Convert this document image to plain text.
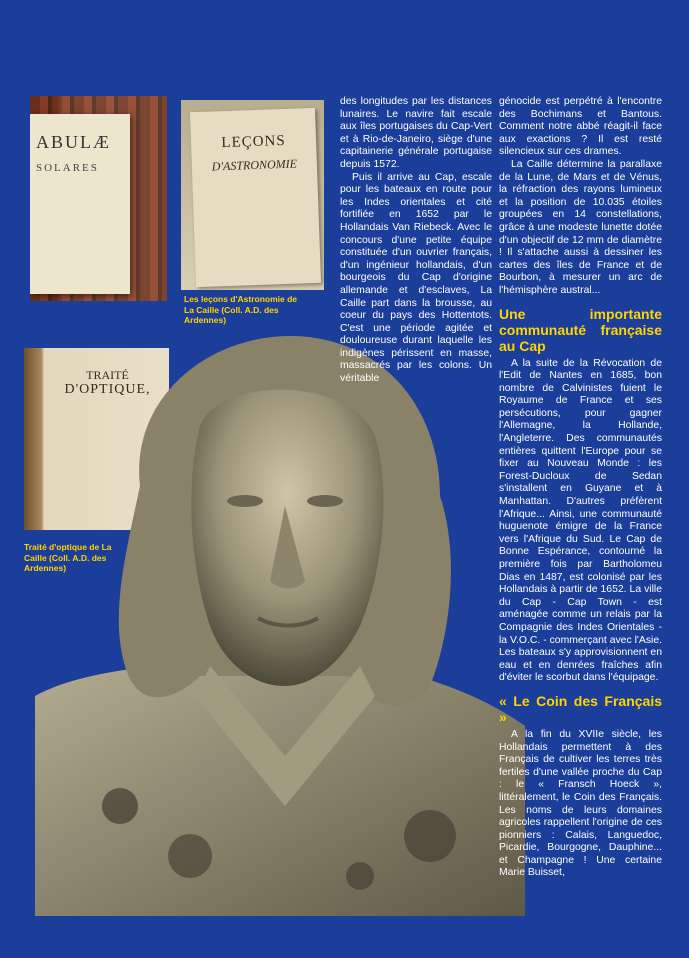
ABULÆ
SOLARES
LEÇONS
D'ASTRONOMIE
Les leçons d'Astronomie de La Caille (Coll. A.D. des Ardennes)
TRAITÉ
D'OPTIQUE,
Traité d'optique de La Caille (Coll. A.D. des Ardennes)

des longitudes par les distances lunaires. Le navire fait escale aux îles portugaises du Cap-Vert et à Rio-de-Janeiro, siège d'une capitainerie générale portugaise depuis 1572.

Puis il arrive au Cap, escale pour les bateaux en route pour les Indes orientales et cité fortifiée en 1652 par le Hollandais Van Riebeck. Avec le concours d'une petite équipe constituée d'un ouvrier français, d'un ingénieur hollandais, d'un bourgeois du Cap d'origine allemande et d'esclaves, La Caille part dans la brousse, au coeur du pays des Hottentots. C'est une période agitée et douloureuse durant laquelle les indigènes périssent en masse, massacrés par les colons. Un véritable

génocide est perpétré à l'encontre des Bochimans et Bantous. Comment notre abbé réagit-il face aux exactions ? Il est resté silencieux sur ces drames.

La Caille détermine la parallaxe de la Lune, de Mars et de Vénus, la réfraction des rayons lumineux et la position de 10.035 étoiles groupées en 14 constellations, grâce à une modeste lunette dotée d'un objectif de 12 mm de diamètre ! Il s'attache aussi à dessiner les cartes des îles de France et de Bourbon, à mesurer un arc de l'hémisphère austral...

Une importante communauté française au Cap

A la suite de la Révocation de l'Edit de Nantes en 1685, bon nombre de Calvinistes fuient le Royaume de France et ses persécutions, pour gagner l'Allemagne, la Hollande, l'Angleterre. Des communautés entières quittent l'Europe pour se fixer au Nouveau Monde : les Forest-Ducloux de Sedan s'installent en Guyane et à Manhattan. D'autres préfèrent l'Afrique... Ainsi, une communauté huguenote émigre de la France vers l'Afrique du Sud. Le Cap de Bonne Espérance, contourné la première fois par Bartholomeu Dias en 1487, est colonisé par les Hollandais à partir de 1652. La ville du Cap - Cap Town - est aménagée comme un relais par la Compagnie des Indes Orientales - la V.O.C. - commerçant avec l'Asie. Les bateaux s'y approvisionnent en eau et en denrées fraîches afin d'éviter le scorbut dans l'équipage.

« Le Coin des Français »

A la fin du XVIIe siècle, les Hollandais permettent à des Français de cultiver les terres très fertiles d'une vallée proche du Cap : le « Fransch Hoeck », littéralement, le Coin des Français. Les noms de leurs domaines agricoles rappellent l'origine de ces pionniers : Calais, Languedoc, Picardie, Bourgogne, Dauphine... et Champagne ! Une certaine Marie Buisset,
